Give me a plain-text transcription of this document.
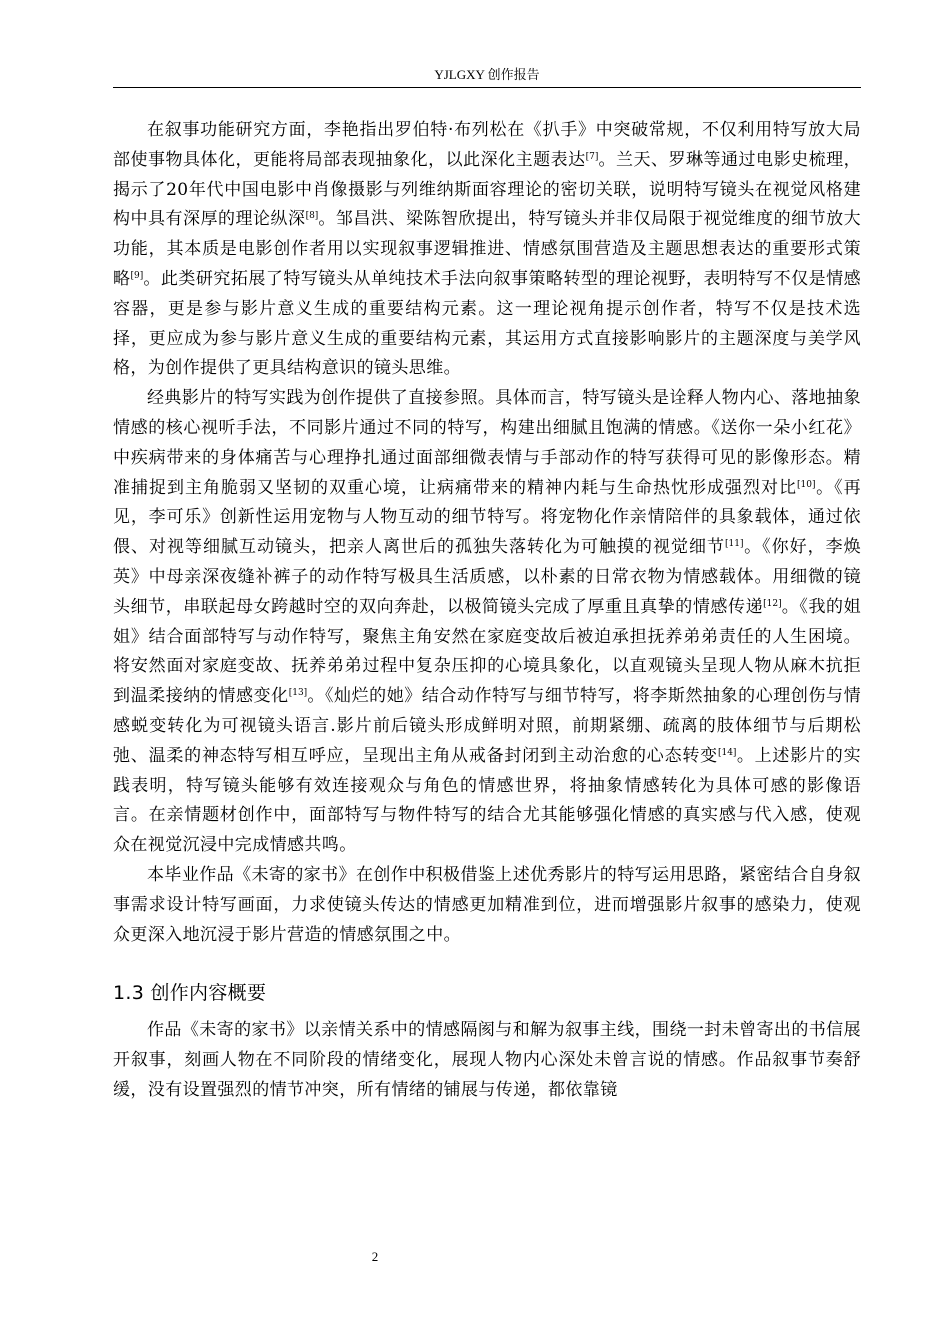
YJLGXY 创作报告

在叙事功能研究方面，李艳指出罗伯特·布列松在《扒手》中突破常规，不仅利用特写放大局部使事物具体化，更能将局部表现抽象化，以此深化主题表达[7]。兰天、罗琳等通过电影史梳理，揭示了20年代中国电影中肖像摄影与列维纳斯面容理论的密切关联，说明特写镜头在视觉风格建构中具有深厚的理论纵深[8]。邹昌洪、梁陈智欣提出，特写镜头并非仅局限于视觉维度的细节放大功能，其本质是电影创作者用以实现叙事逻辑推进、情感氛围营造及主题思想表达的重要形式策略[9]。此类研究拓展了特写镜头从单纯技术手法向叙事策略转型的理论视野，表明特写不仅是情感容器，更是参与影片意义生成的重要结构元素。这一理论视角提示创作者，特写不仅是技术选择，更应成为参与影片意义生成的重要结构元素，其运用方式直接影响影片的主题深度与美学风格，为创作提供了更具结构意识的镜头思维。

经典影片的特写实践为创作提供了直接参照。具体而言，特写镜头是诠释人物内心、落地抽象情感的核心视听手法，不同影片通过不同的特写，构建出细腻且饱满的情感。《送你一朵小红花》中疾病带来的身体痛苦与心理挣扎通过面部细微表情与手部动作的特写获得可见的影像形态。精准捕捉到主角脆弱又坚韧的双重心境，让病痛带来的精神内耗与生命热忱形成强烈对比[10]。《再见，李可乐》创新性运用宠物与人物互动的细节特写。将宠物化作亲情陪伴的具象载体，通过依偎、对视等细腻互动镜头，把亲人离世后的孤独失落转化为可触摸的视觉细节[11]。《你好，李焕英》中母亲深夜缝补裤子的动作特写极具生活质感，以朴素的日常衣物为情感载体。用细微的镜头细节，串联起母女跨越时空的双向奔赴，以极简镜头完成了厚重且真挚的情感传递[12]。《我的姐姐》结合面部特写与动作特写，聚焦主角安然在家庭变故后被迫承担抚养弟弟责任的人生困境。将安然面对家庭变故、抚养弟弟过程中复杂压抑的心境具象化，以直观镜头呈现人物从麻木抗拒到温柔接纳的情感变化[13]。《灿烂的她》结合动作特写与细节特写，将李斯然抽象的心理创伤与情感蜕变转化为可视镜头语言.影片前后镜头形成鲜明对照，前期紧绷、疏离的肢体细节与后期松弛、温柔的神态特写相互呼应，呈现出主角从戒备封闭到主动治愈的心态转变[14]。上述影片的实践表明，特写镜头能够有效连接观众与角色的情感世界，将抽象情感转化为具体可感的影像语言。在亲情题材创作中，面部特写与物件特写的结合尤其能够强化情感的真实感与代入感，使观众在视觉沉浸中完成情感共鸣。

本毕业作品《未寄的家书》在创作中积极借鉴上述优秀影片的特写运用思路，紧密结合自身叙事需求设计特写画面，力求使镜头传达的情感更加精准到位，进而增强影片叙事的感染力，使观众更深入地沉浸于影片营造的情感氛围之中。

1.3 创作内容概要

作品《未寄的家书》以亲情关系中的情感隔阂与和解为叙事主线，围绕一封未曾寄出的书信展开叙事，刻画人物在不同阶段的情绪变化，展现人物内心深处未曾言说的情感。作品叙事节奏舒缓，没有设置强烈的情节冲突，所有情绪的铺展与传递，都依靠镜

2
